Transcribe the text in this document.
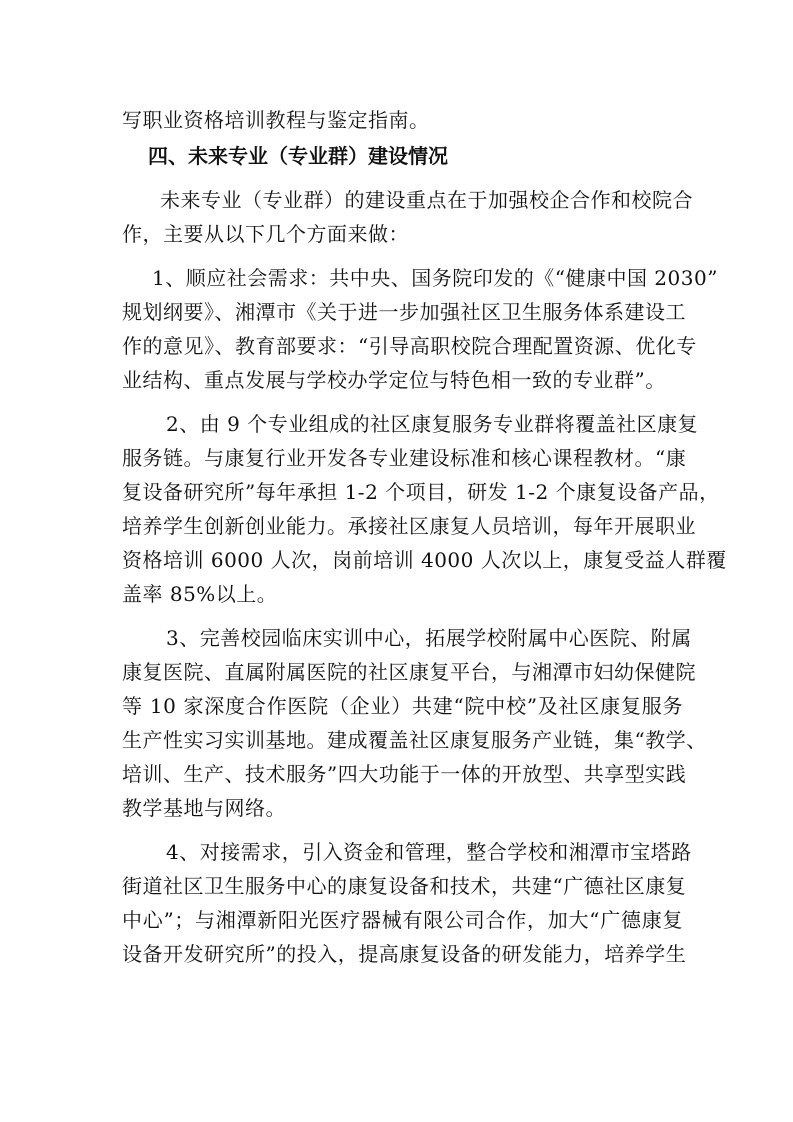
写职业资格培训教程与鉴定指南。

四、未来专业（专业群）建设情况

未来专业（专业群）的建设重点在于加强校企合作和校院合

作，主要从以下几个方面来做：

1、顺应社会需求：共中央、国务院印发的《“健康中国 2030”

规划纲要》、湘潭市《关于进一步加强社区卫生服务体系建设工

作的意见》、教育部要求：“引导高职校院合理配置资源、优化专

业结构、重点发展与学校办学定位与特色相一致的专业群”。

2、由 9 个专业组成的社区康复服务专业群将覆盖社区康复

服务链。与康复行业开发各专业建设标准和核心课程教材。“康

复设备研究所”每年承担 1-2 个项目，研发 1-2 个康复设备产品，

培养学生创新创业能力。承接社区康复人员培训，每年开展职业

资格培训 6000 人次，岗前培训 4000 人次以上，康复受益人群覆

盖率 85%以上。

3、完善校园临床实训中心，拓展学校附属中心医院、附属

康复医院、直属附属医院的社区康复平台，与湘潭市妇幼保健院

等 10 家深度合作医院（企业）共建“院中校”及社区康复服务

生产性实习实训基地。建成覆盖社区康复服务产业链，集“教学、

培训、生产、技术服务”四大功能于一体的开放型、共享型实践

教学基地与网络。

4、对接需求，引入资金和管理，整合学校和湘潭市宝塔路

街道社区卫生服务中心的康复设备和技术，共建“广德社区康复

中心”；与湘潭新阳光医疗器械有限公司合作，加大“广德康复

设备开发研究所”的投入，提高康复设备的研发能力，培养学生
